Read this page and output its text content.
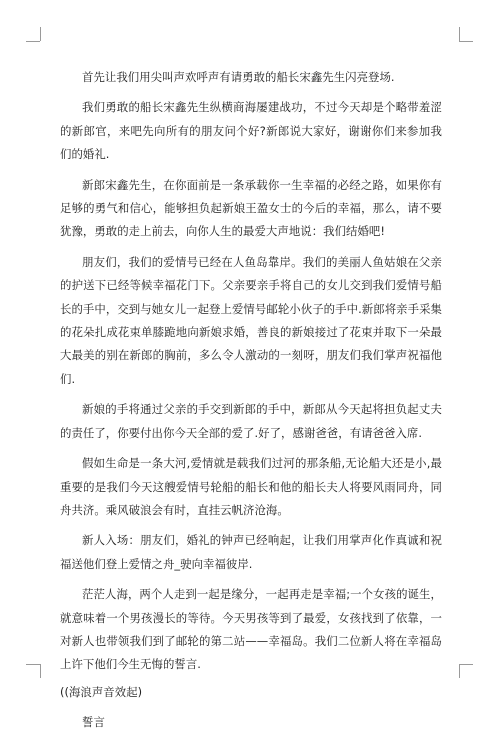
首先让我们用尖叫声欢呼声有请勇敢的船长宋鑫先生闪亮登场.

我们勇敢的船长宋鑫先生纵横商海屡建战功，不过今天却是个略带羞涩的新郎官，来吧先向所有的朋友问个好?新郎说大家好，谢谢你们来参加我们的婚礼.

新郎宋鑫先生，在你面前是一条承载你一生幸福的必经之路，如果你有足够的勇气和信心，能够担负起新娘王盈女士的今后的幸福，那么，请不要犹豫，勇敢的走上前去，向你人生的最爱大声地说：我们结婚吧!

朋友们，我们的爱情号已经在人鱼岛靠岸。我们的美丽人鱼姑娘在父亲的护送下已经等候幸福花门下。父亲要亲手将自己的女儿交到我们爱情号船长的手中，交到与她女儿一起登上爱情号邮轮小伙子的手中.新郎将亲手采集的花朵扎成花束单膝跪地向新娘求婚，善良的新娘接过了花束并取下一朵最大最美的别在新郎的胸前，多么令人激动的一刻呀，朋友们我们掌声祝福他们.

新娘的手将通过父亲的手交到新郎的手中，新郎从今天起将担负起丈夫的责任了，你要付出你今天全部的爱了.好了，感谢爸爸，有请爸爸入席.

假如生命是一条大河,爱情就是载我们过河的那条船,无论船大还是小,最重要的是我们今天这艘爱情号轮船的船长和他的船长夫人将要风雨同舟，同舟共济。乘风破浪会有时，直挂云帆济沧海。

新人入场：朋友们，婚礼的钟声已经响起，让我们用掌声化作真诚和祝福送他们登上爱情之舟_驶向幸福彼岸.

茫茫人海，两个人走到一起是缘分，一起再走是幸福;一个女孩的诞生，就意味着一个男孩漫长的等待。今天男孩等到了最爱，女孩找到了依靠，一对新人也带领我们到了邮轮的第二站——幸福岛。我们二位新人将在幸福岛上许下他们今生无悔的誓言.

((海浪声音效起)

誓言
